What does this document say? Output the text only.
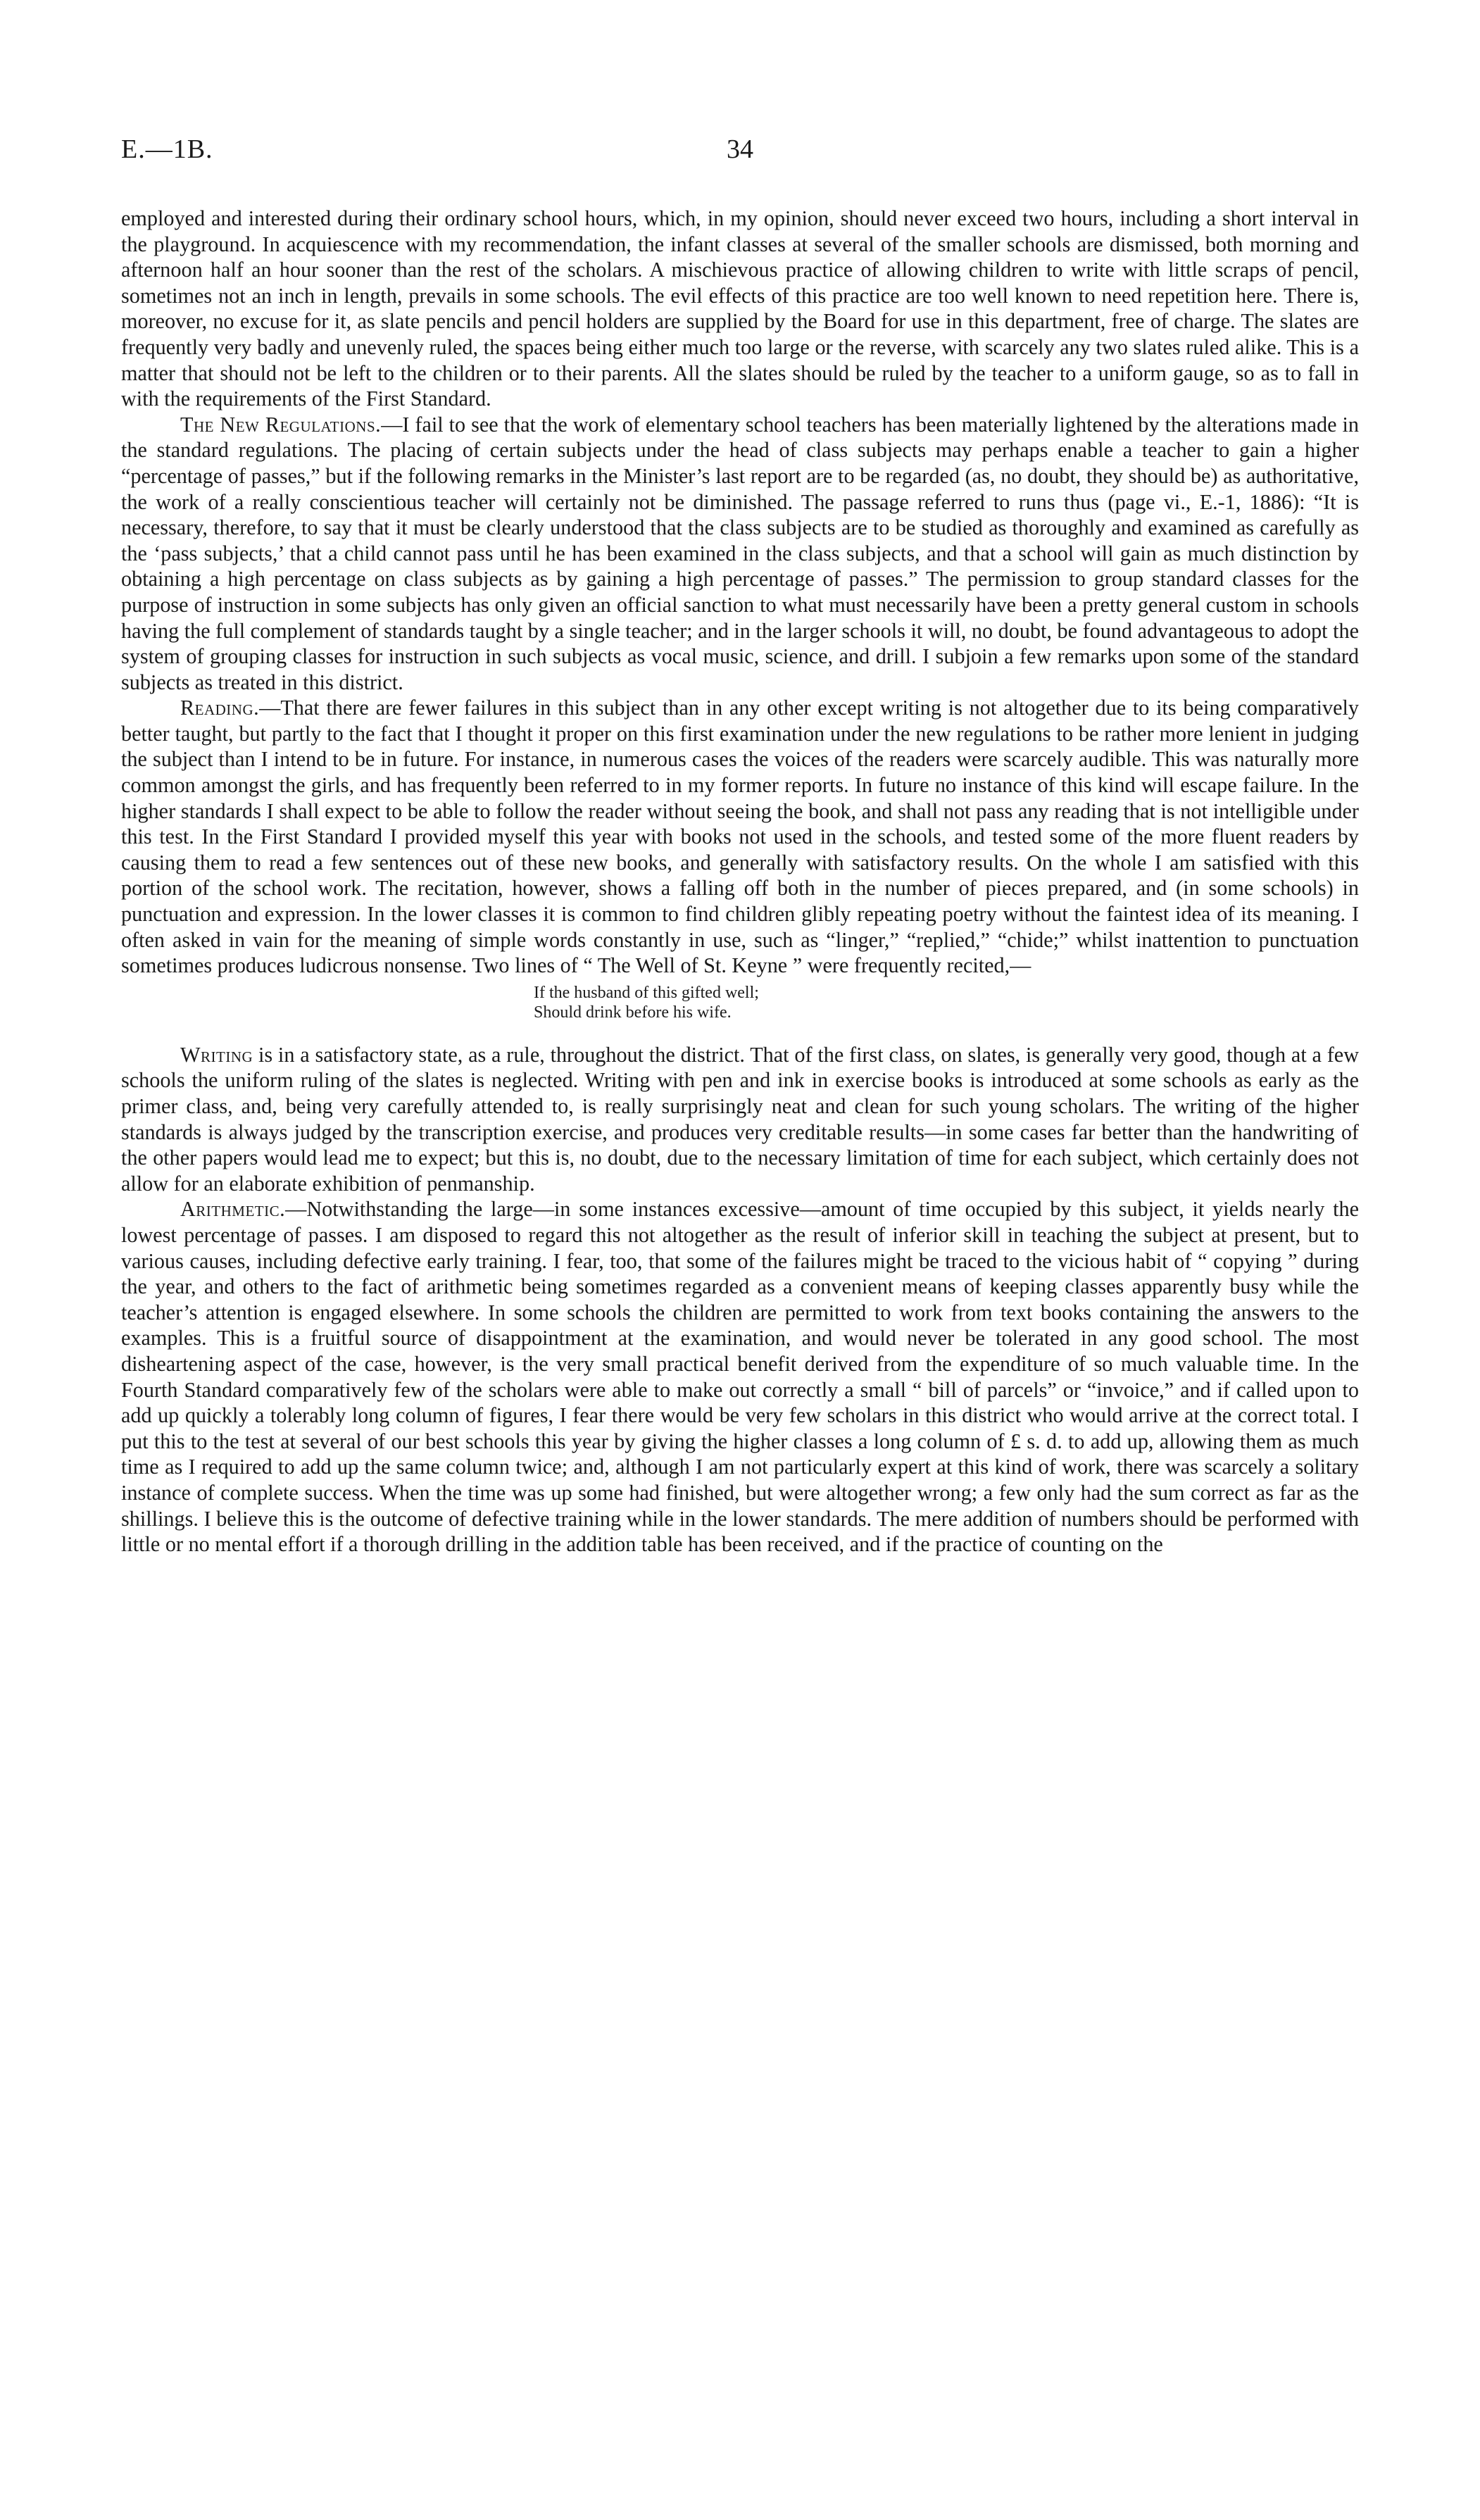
E.—1B.	34

employed and interested during their ordinary school hours, which, in my opinion, should never exceed two hours, including a short interval in the playground. In acquiescence with my recommendation, the infant classes at several of the smaller schools are dismissed, both morning and afternoon half an hour sooner than the rest of the scholars. A mischievous practice of allowing children to write with little scraps of pencil, sometimes not an inch in length, prevails in some schools. The evil effects of this practice are too well known to need repetition here. There is, moreover, no excuse for it, as slate pencils and pencil holders are supplied by the Board for use in this department, free of charge. The slates are frequently very badly and unevenly ruled, the spaces being either much too large or the reverse, with scarcely any two slates ruled alike. This is a matter that should not be left to the children or to their parents. All the slates should be ruled by the teacher to a uniform gauge, so as to fall in with the requirements of the First Standard.

The New Regulations.—I fail to see that the work of elementary school teachers has been materially lightened by the alterations made in the standard regulations. The placing of certain subjects under the head of class subjects may perhaps enable a teacher to gain a higher “percentage of passes,” but if the following remarks in the Minister’s last report are to be regarded (as, no doubt, they should be) as authoritative, the work of a really conscientious teacher will certainly not be diminished. The passage referred to runs thus (page vi., E.-1, 1886): “It is necessary, therefore, to say that it must be clearly understood that the class subjects are to be studied as thoroughly and examined as carefully as the ‘pass subjects,’ that a child cannot pass until he has been examined in the class subjects, and that a school will gain as much distinction by obtaining a high percentage on class subjects as by gaining a high percentage of passes.” The permission to group standard classes for the purpose of instruction in some subjects has only given an official sanction to what must necessarily have been a pretty general custom in schools having the full complement of standards taught by a single teacher; and in the larger schools it will, no doubt, be found advantageous to adopt the system of grouping classes for instruction in such subjects as vocal music, science, and drill. I subjoin a few remarks upon some of the standard subjects as treated in this district.

Reading.—That there are fewer failures in this subject than in any other except writing is not altogether due to its being comparatively better taught, but partly to the fact that I thought it proper on this first examination under the new regulations to be rather more lenient in judging the subject than I intend to be in future. For instance, in numerous cases the voices of the readers were scarcely audible. This was naturally more common amongst the girls, and has frequently been referred to in my former reports. In future no instance of this kind will escape failure. In the higher standards I shall expect to be able to follow the reader without seeing the book, and shall not pass any reading that is not intelligible under this test. In the First Standard I provided myself this year with books not used in the schools, and tested some of the more fluent readers by causing them to read a few sentences out of these new books, and generally with satisfactory results. On the whole I am satisfied with this portion of the school work. The recitation, however, shows a falling off both in the number of pieces prepared, and (in some schools) in punctuation and expression. In the lower classes it is common to find children glibly repeating poetry without the faintest idea of its meaning. I often asked in vain for the meaning of simple words constantly in use, such as “linger,” “replied,” “chide;” whilst inattention to punctuation sometimes produces ludicrous nonsense. Two lines of “ The Well of St. Keyne ” were frequently recited,—

If the husband of this gifted well;
Should drink before his wife.

Writing is in a satisfactory state, as a rule, throughout the district. That of the first class, on slates, is generally very good, though at a few schools the uniform ruling of the slates is neglected. Writing with pen and ink in exercise books is introduced at some schools as early as the primer class, and, being very carefully attended to, is really surprisingly neat and clean for such young scholars. The writing of the higher standards is always judged by the transcription exercise, and produces very creditable results—in some cases far better than the handwriting of the other papers would lead me to expect; but this is, no doubt, due to the necessary limitation of time for each subject, which certainly does not allow for an elaborate exhibition of penmanship.

Arithmetic.—Notwithstanding the large—in some instances excessive—amount of time occupied by this subject, it yields nearly the lowest percentage of passes. I am disposed to regard this not altogether as the result of inferior skill in teaching the subject at present, but to various causes, including defective early training. I fear, too, that some of the failures might be traced to the vicious habit of “ copying ” during the year, and others to the fact of arithmetic being sometimes regarded as a convenient means of keeping classes apparently busy while the teacher’s attention is engaged elsewhere. In some schools the children are permitted to work from text books containing the answers to the examples. This is a fruitful source of disappointment at the examination, and would never be tolerated in any good school. The most disheartening aspect of the case, however, is the very small practical benefit derived from the expenditure of so much valuable time. In the Fourth Standard comparatively few of the scholars were able to make out correctly a small “ bill of parcels” or “invoice,” and if called upon to add up quickly a tolerably long column of figures, I fear there would be very few scholars in this district who would arrive at the correct total. I put this to the test at several of our best schools this year by giving the higher classes a long column of £ s. d. to add up, allowing them as much time as I required to add up the same column twice; and, although I am not particularly expert at this kind of work, there was scarcely a solitary instance of complete success. When the time was up some had finished, but were altogether wrong; a few only had the sum correct as far as the shillings. I believe this is the outcome of defective training while in the lower standards. The mere addition of numbers should be performed with little or no mental effort if a thorough drilling in the addition table has been received, and if the practice of counting on the
